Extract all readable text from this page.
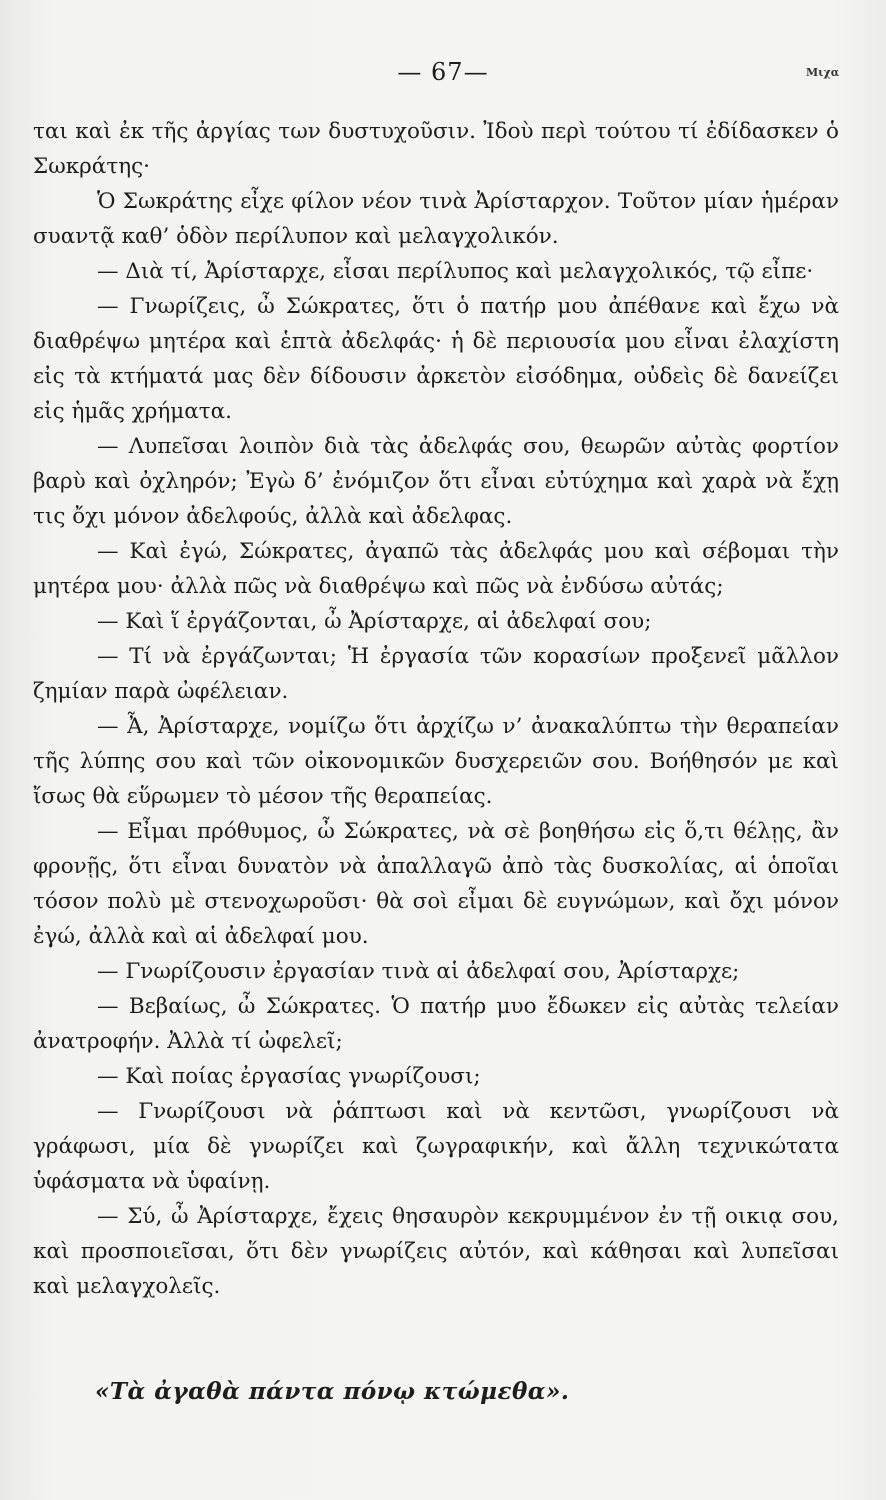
— 67—	Μιχα

ται καὶ ἐκ τῆς ἀργίας των δυστυχοῦσιν. Ἰδοὺ περὶ τούτου τί ἐδίδασκεν ὁ Σωκράτης·

Ὁ Σωκράτης εἶχε φίλον νέον τινὰ Ἀρίσταρχον. Τοῦτον μίαν ἡμέραν συαντᾷ καθ’ ὁδὸν περίλυπον καὶ μελαγχολικόν.

— Διὰ τί, Ἀρίσταρχε, εἶσαι περίλυπος καὶ μελαγχολικός, τῷ εἶπε·

— Γνωρίζεις, ὦ Σώκρατες, ὅτι ὁ πατήρ μου ἀπέθανε καὶ ἔχω νὰ διαθρέψω μητέρα καὶ ἑπτὰ ἀδελφάς· ἡ δὲ περιουσία μου εἶναι ἐλαχίστη εἰς τὰ κτήματά μας δὲν δίδουσιν ἀρκετὸν εἰσόδημα, οὐδεὶς δὲ δανείζει εἰς ἡμᾶς χρήματα.

— Λυπεῖσαι λοιπὸν διὰ τὰς ἀδελφάς σου, θεωρῶν αὐτὰς φορτίον βαρὺ καὶ ὀχληρόν; Ἐγὼ δ’ ἐνόμιζον ὅτι εἶναι εὐτύχημα καὶ χαρὰ νὰ ἔχῃ τις ὄχι μόνον ἀδελφούς, ἀλλὰ καὶ ἀδελφας.

— Καὶ ἐγώ, Σώκρατες, ἀγαπῶ τὰς ἀδελφάς μου καὶ σέβομαι τὴν μητέρα μου· ἀλλὰ πῶς νὰ διαθρέψω καὶ πῶς νὰ ἐνδύσω αὐτάς;

— Καὶ ἵ ἐργάζονται, ὦ Ἀρίσταρχε, αἱ ἀδελφαί σου;

— Τί νὰ ἐργάζωνται; Ἡ ἐργασία τῶν κορασίων προξενεῖ μᾶλλον ζημίαν παρὰ ὠφέλειαν.

— Ἆ, Ἀρίσταρχε, νομίζω ὅτι ἀρχίζω ν’ ἀνακαλύπτω τὴν θεραπείαν τῆς λύπης σου καὶ τῶν οἰκονομικῶν δυσχερειῶν σου. Βοήθησόν με καὶ ἴσως θὰ εὕρωμεν τὸ μέσον τῆς θεραπείας.

— Εἶμαι πρόθυμος, ὦ Σώκρατες, νὰ σὲ βοηθήσω εἰς ὅ,τι θέλῃς, ἂν φρονῇς, ὅτι εἶναι δυνατὸν νὰ ἀπαλλαγῶ ἀπὸ τὰς δυσκολίας, αἱ ὁποῖαι τόσον πολὺ μὲ στενοχωροῦσι· θὰ σοὶ εἶμαι δὲ ευγνώμων, καὶ ὄχι μόνον ἐγώ, ἀλλὰ καὶ αἱ ἀδελφαί μου.

— Γνωρίζουσιν ἐργασίαν τινὰ αἱ ἀδελφαί σου, Ἀρίσταρχε;

— Βεβαίως, ὦ Σώκρατες. Ὁ πατήρ μυο ἔδωκεν εἰς αὐτὰς τελείαν ἀνατροφήν. Ἀλλὰ τί ὠφελεῖ;

— Καὶ ποίας ἐργασίας γνωρίζουσι;

— Γνωρίζουσι νὰ ῥάπτωσι καὶ νὰ κεντῶσι, γνωρίζουσι νὰ γράφωσι, μία δὲ γνωρίζει καὶ ζωγραφικήν, καὶ ἄλλη τεχνικώτατα ὑφάσματα νὰ ὑφαίνῃ.

— Σύ, ὦ Ἀρίσταρχε, ἔχεις θησαυρὸν κεκρυμμένον ἐν τῇ οικιᾳ σου, καὶ προσποιεῖσαι, ὅτι δὲν γνωρίζεις αὐτόν, καὶ κάθησαι καὶ λυπεῖσαι καὶ μελαγχολεῖς.

«Τὰ ἀγαθὰ πάντα πόνῳ κτώμεθα».
